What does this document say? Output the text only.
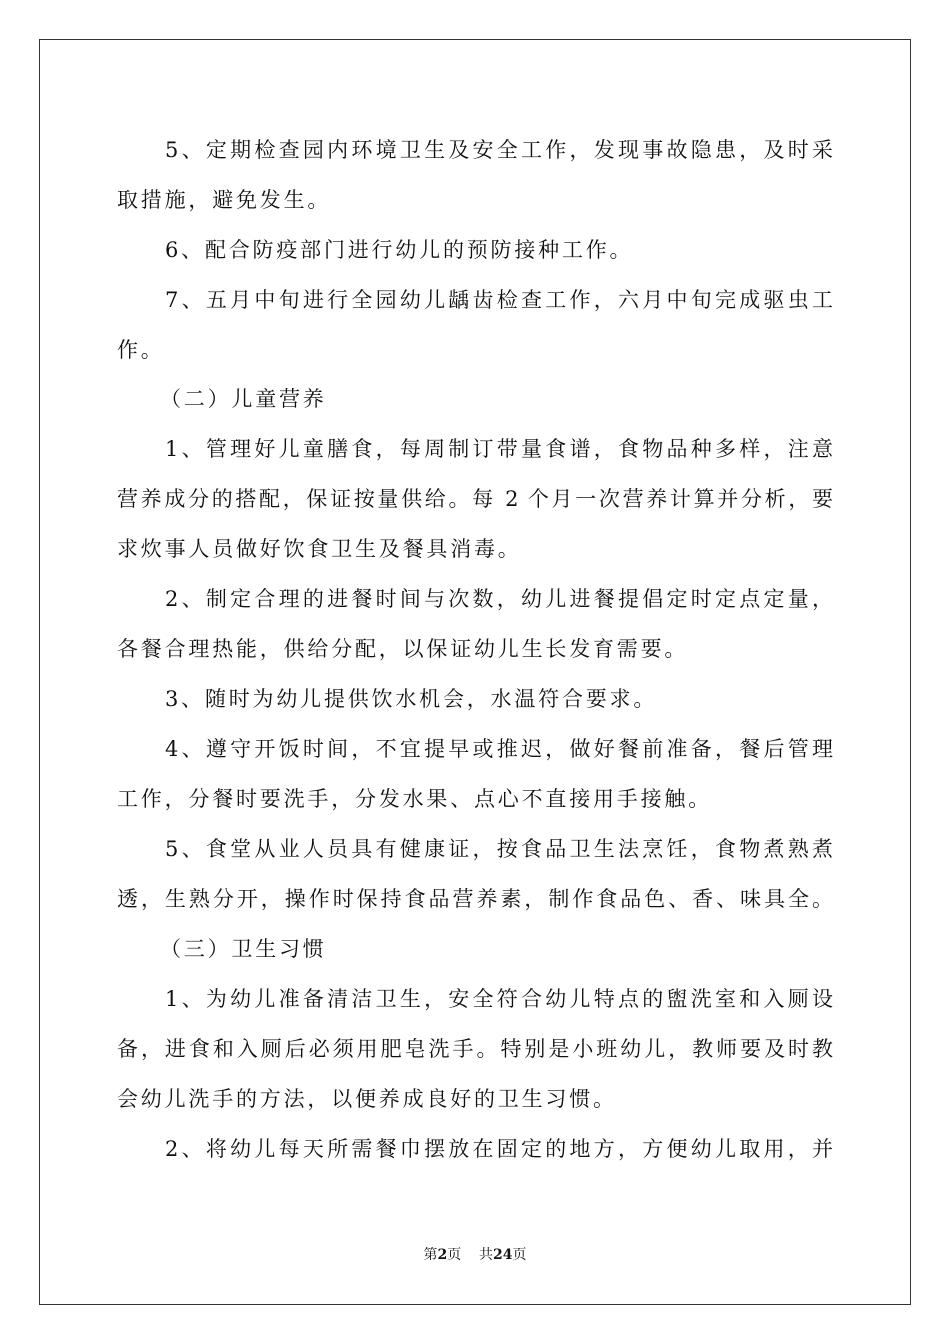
5、定期检查园内环境卫生及安全工作，发现事故隐患，及时采
取措施，避免发生。
6、配合防疫部门进行幼儿的预防接种工作。
7、五月中旬进行全园幼儿龋齿检查工作，六月中旬完成驱虫工
作。
（二）儿童营养
1、管理好儿童膳食，每周制订带量食谱，食物品种多样，注意
营养成分的搭配，保证按量供给。每 2 个月一次营养计算并分析，要
求炊事人员做好饮食卫生及餐具消毒。
2、制定合理的进餐时间与次数，幼儿进餐提倡定时定点定量，
各餐合理热能，供给分配，以保证幼儿生长发育需要。
3、随时为幼儿提供饮水机会，水温符合要求。
4、遵守开饭时间，不宜提早或推迟，做好餐前准备，餐后管理
工作，分餐时要洗手，分发水果、点心不直接用手接触。
5、食堂从业人员具有健康证，按食品卫生法烹饪，食物煮熟煮
透，生熟分开，操作时保持食品营养素，制作食品色、香、味具全。
（三）卫生习惯
1、为幼儿准备清洁卫生，安全符合幼儿特点的盥洗室和入厕设
备，进食和入厕后必须用肥皂洗手。特别是小班幼儿，教师要及时教
会幼儿洗手的方法，以便养成良好的卫生习惯。
2、将幼儿每天所需餐巾摆放在固定的地方，方便幼儿取用，并
第2页 共24页
